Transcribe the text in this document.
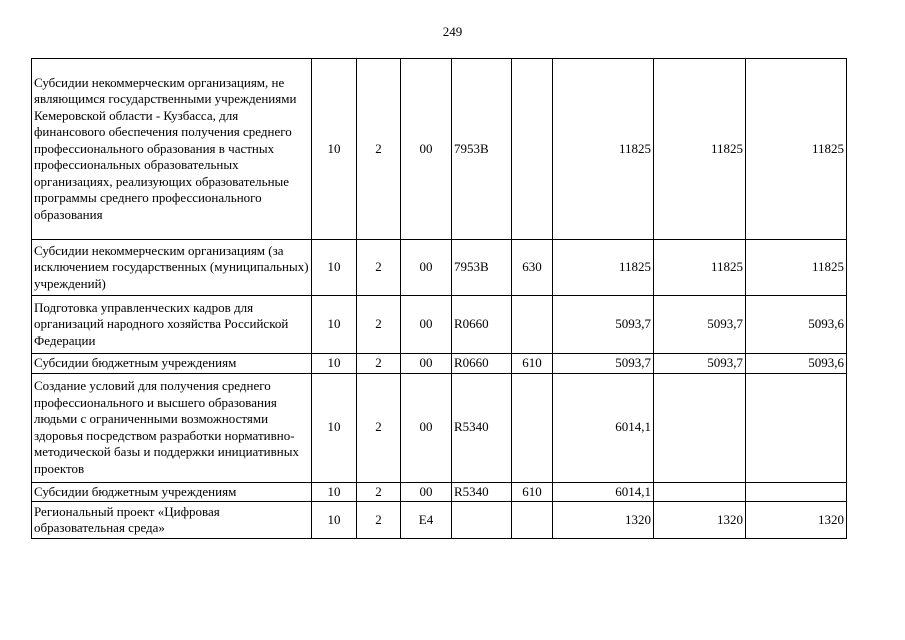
249
Субсидии некоммерческим организациям, не являющимся государственными учреждениями Кемеровской области - Кузбасса, для финансового обеспечения получения среднего профессионального образования в частных профессиональных образовательных организациях, реализующих образовательные программы среднего профессионального образования	10	2	00	7953B		11825	11825	11825
Субсидии некоммерческим организациям (за исключением государственных (муниципальных) учреждений)	10	2	00	7953B	630	11825	11825	11825
Подготовка управленческих кадров для организаций народного хозяйства Российской Федерации	10	2	00	R0660		5093,7	5093,7	5093,6
Субсидии бюджетным учреждениям	10	2	00	R0660	610	5093,7	5093,7	5093,6
Создание условий для получения среднего профессионального и высшего образования людьми с ограниченными возможностями здоровья посредством разработки нормативно-методической базы и поддержки инициативных проектов	10	2	00	R5340		6014,1		
Субсидии бюджетным учреждениям	10	2	00	R5340	610	6014,1		
Региональный проект «Цифровая образовательная среда»	10	2	E4			1320	1320	1320
